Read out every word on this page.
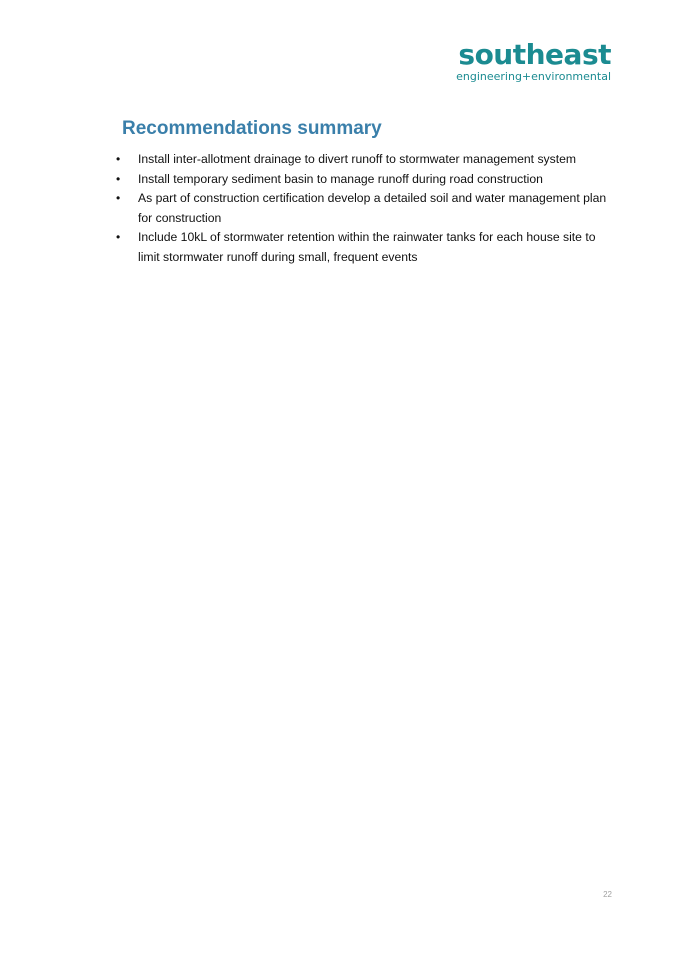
southeast
engineering+environmental
Recommendations summary
• Install inter-allotment drainage to divert runoff to stormwater management system
• Install temporary sediment basin to manage runoff during road construction
• As part of construction certification develop a detailed soil and water management plan for construction
• Include 10kL of stormwater retention within the rainwater tanks for each house site to limit stormwater runoff during small, frequent events
22
